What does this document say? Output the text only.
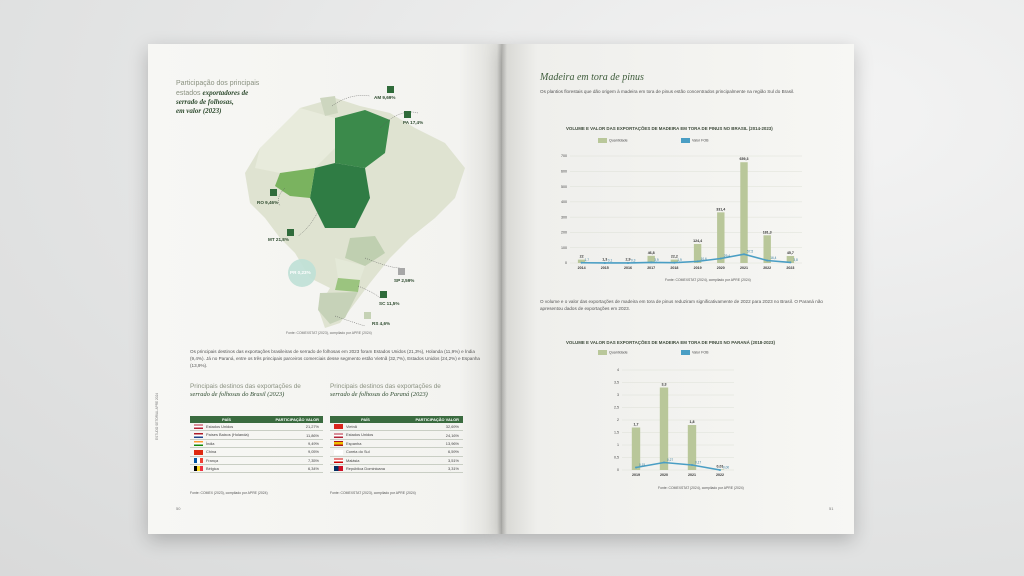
Participação dos principais
estados exportadores de
serrado de folhosas,
em valor (2023)
AM 9,69%
PA 17,4%
RO 9,46%
MT 21,8%
PR 0,23%
SP 2,59%
SC 11,5%
RS 4,6%
Fonte: COMEXSTAT (2023), compilado por APRE (2024)
Os principais destinos das exportações brasileiras de serrado de folhosas em 2023 foram Estados Unidos (21,3%), Holanda (11,9%) e Índia (9,4%). Já no Paraná, entre os três principais parceiros comerciais desse segmento estão Vietnã (32,7%), Estados Unidos (24,2%) e Espanha (13,9%).
Principais destinos das exportações de
serrado de folhosas do Brasil (2023)
Principais destinos das exportações de
serrado de folhosas do Paraná (2023)
PAÍS	PARTICIPAÇÃO VALOR
Estados Unidos	21,27%
Países Baixos (Holanda)	11,86%
Índia	9,49%
China	9,05%
França	7,35%
Bélgica	6,34%
PAÍS	PARTICIPAÇÃO VALOR
Vietnã	32,69%
Estados Unidos	24,16%
Espanha	13,96%
Coreia do Sul	6,59%
Malásia	3,51%
República Dominicana	3,31%
Fonte: COMEX (2023), compilado por APRE (2024)	Fonte: COMEXSTAT (2023), compilado por APRE (2024)
ESTUDO SETORIAL APRE 2024
50
Madeira em tora de pinus
Os plantios florestais que dão origem à madeira em tora de pinus estão concentrados principalmente na região Sul do Brasil.
VOLUME E VALOR DAS EXPORTAÇÕES DE MADEIRA EM TORA DE PINUS NO BRASIL (2014-2023)
Quantidade	Valor FOB
0
100
200
300
400
500
600
700
22
2014
1,3
2015
2,9
2016
46,8
2017
22,2
2018
124,4
2019
331,4
2020
659,3
2021
181,3
2022
45,7
2023
1,7	0,1	0,3	3,9	1,9	10,6
29,4
57,5
16,4	3,8
Fonte: COMEXSTAT (2024), compilado por APRE (2024)
O volume e o valor das exportações de madeira em tora de pinus reduziram significativamente de 2022 para 2023 no Brasil. O Paraná não apresentou dados de exportações em 2023.
VOLUME E VALOR DAS EXPORTAÇÕES DE MADEIRA EM TORA DE PINUS NO PARANÁ (2018-2023)
Quantidade	Valor FOB
0
0,5
1
1,5
2
2,5
3
3,5
4
1,7
2019
3,3
2020
1,8
2021
0,01
2022
0,15
0,27
0,17
0,00
Fonte: COMEXSTAT (2024), compilado por APRE (2024)
51
